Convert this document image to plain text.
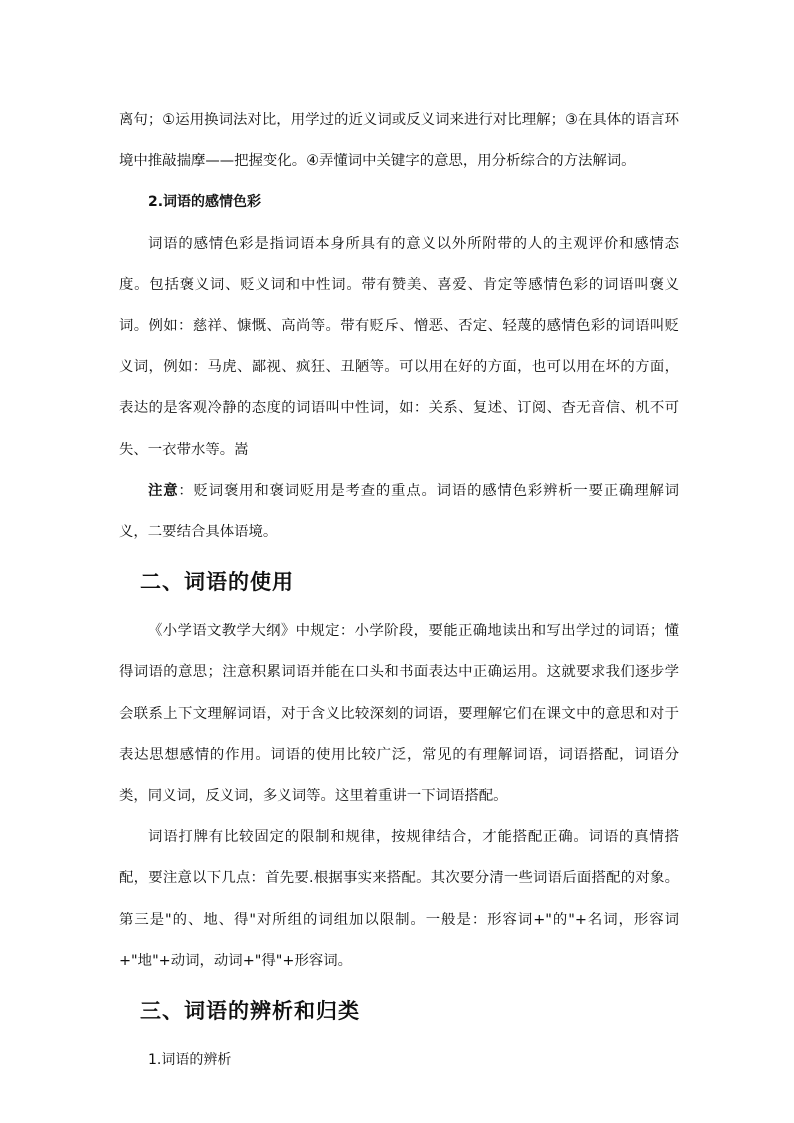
离句；①运用换词法对比，用学过的近义词或反义词来进行对比理解；③在具体的语言环境中推敲揣摩——把握变化。④弄懂词中关键字的意思，用分析综合的方法解词。

2.词语的感情色彩

词语的感情色彩是指词语本身所具有的意义以外所附带的人的主观评价和感情态度。包括褒义词、贬义词和中性词。带有赞美、喜爱、肯定等感情色彩的词语叫褒义词。例如：慈祥、慷慨、高尚等。带有贬斥、憎恶、否定、轻蔑的感情色彩的词语叫贬义词，例如：马虎、鄙视、疯狂、丑陋等。可以用在好的方面，也可以用在坏的方面，表达的是客观冷静的态度的词语叫中性词，如：关系、复述、订阅、杳无音信、机不可失、一衣带水等。嵩

注意：贬词褒用和褒词贬用是考查的重点。词语的感情色彩辨析一要正确理解词义，二要结合具体语境。

二、词语的使用

《小学语文教学大纲》中规定：小学阶段，要能正确地读出和写出学过的词语；懂得词语的意思；注意积累词语并能在口头和书面表达中正确运用。这就要求我们逐步学会联系上下文理解词语，对于含义比较深刻的词语，要理解它们在课文中的意思和对于表达思想感情的作用。词语的使用比较广泛，常见的有理解词语，词语搭配，词语分类，同义词，反义词，多义词等。这里着重讲一下词语搭配。

词语打牌有比较固定的限制和规律，按规律结合，才能搭配正确。词语的真情搭配，要注意以下几点：首先要.根据事实来搭配。其次要分清一些词语后面搭配的对象。第三是"的、地、得"对所组的词组加以限制。一般是：形容词+"的"+名词，形容词+"地"+动词，动词+"得"+形容词。

三、词语的辨析和归类

1.词语的辨析
